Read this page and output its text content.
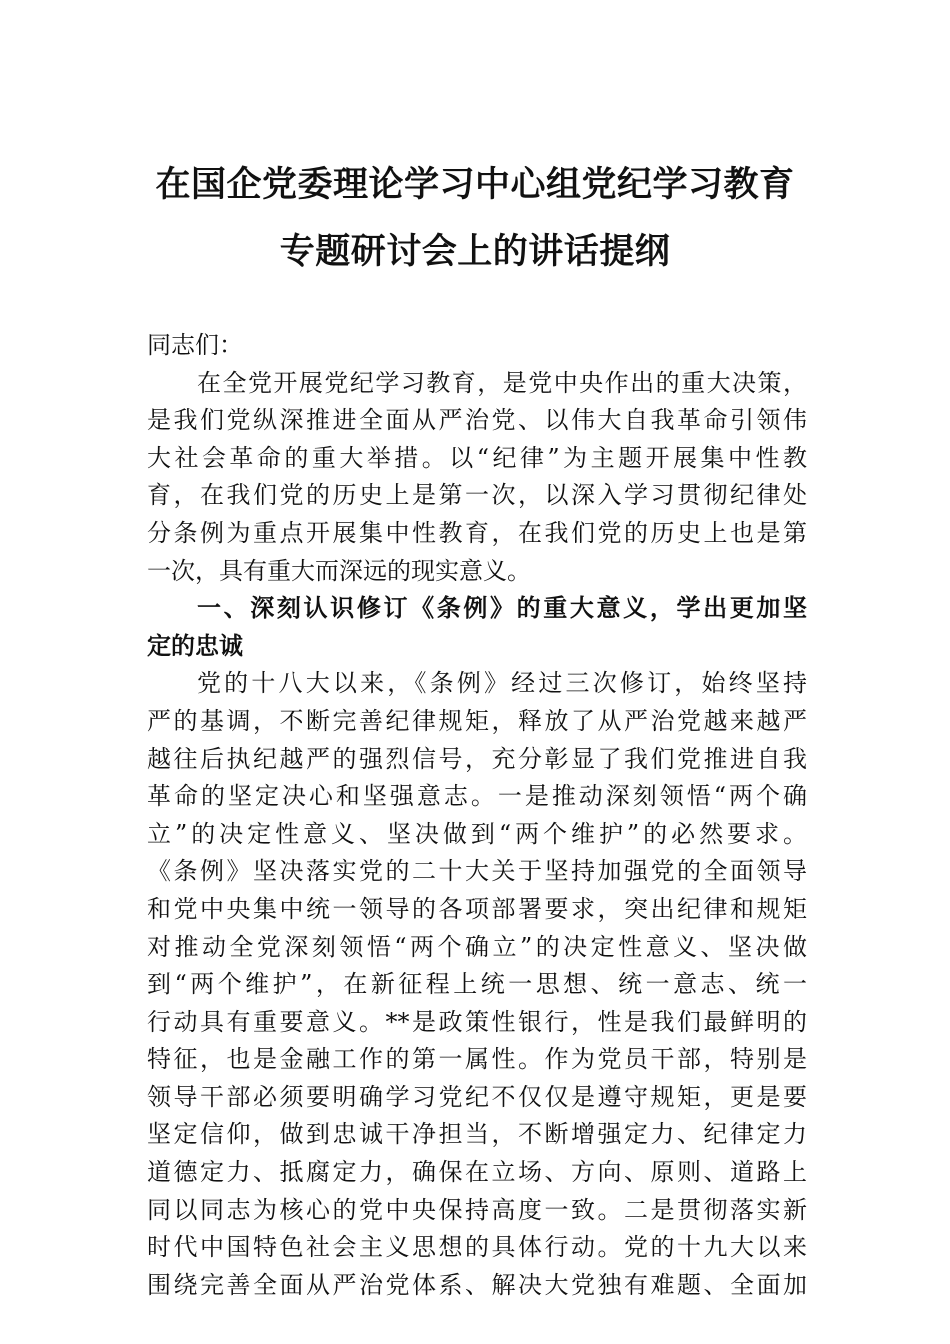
在国企党委理论学习中心组党纪学习教育
专题研讨会上的讲话提纲
同志们：
在全党开展党纪学习教育，是党中央作出的重大决策，
是我们党纵深推进全面从严治党、以伟大自我革命引领伟
大社会革命的重大举措。以“纪律”为主题开展集中性教
育，在我们党的历史上是第一次，以深入学习贯彻纪律处
分条例为重点开展集中性教育，在我们党的历史上也是第
一次，具有重大而深远的现实意义。
一、深刻认识修订《条例》的重大意义，学出更加坚
定的忠诚
党的十八大以来，《条例》经过三次修订，始终坚持
严的基调，不断完善纪律规矩，释放了从严治党越来越严
越往后执纪越严的强烈信号，充分彰显了我们党推进自我
革命的坚定决心和坚强意志。一是推动深刻领悟“两个确
立”的决定性意义、坚决做到“两个维护”的必然要求。
《条例》坚决落实党的二十大关于坚持加强党的全面领导
和党中央集中统一领导的各项部署要求，突出纪律和规矩
对推动全党深刻领悟“两个确立”的决定性意义、坚决做
到“两个维护”，在新征程上统一思想、统一意志、统一
行动具有重要意义。**是政策性银行，性是我们最鲜明的
特征，也是金融工作的第一属性。作为党员干部，特别是
领导干部必须要明确学习党纪不仅仅是遵守规矩，更是要
坚定信仰，做到忠诚干净担当，不断增强定力、纪律定力
道德定力、抵腐定力，确保在立场、方向、原则、道路上
同以同志为核心的党中央保持高度一致。二是贯彻落实新
时代中国特色社会主义思想的具体行动。党的十九大以来
围绕完善全面从严治党体系、解决大党独有难题、全面加
